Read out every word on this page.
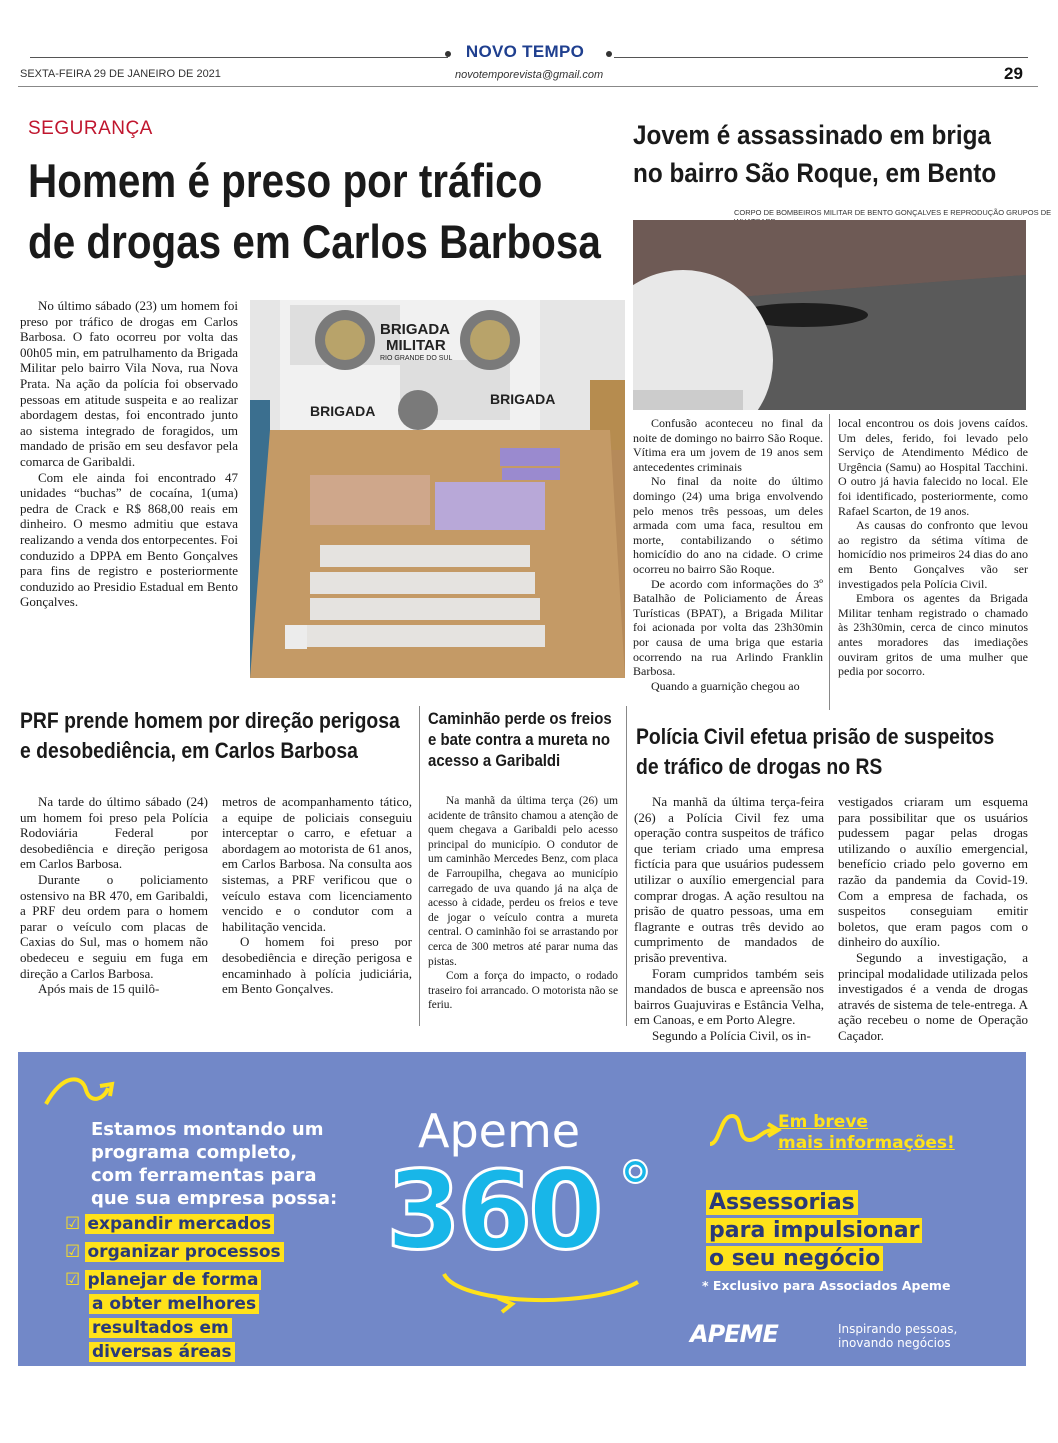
NOVO TEMPO
SEXTA-FEIRA 29 DE JANEIRO DE 2021	novotemporevista@gmail.com	29
SEGURANÇA
Homem é preso por tráfico
de drogas em Carlos Barbosa

No último sábado (23) um homem foi preso por tráfico de drogas em Carlos Barbosa. O fato ocorreu por volta das 00h05 min, em patrulhamento da Brigada Militar pelo bairro Vila Nova, rua Nova Prata. Na ação da polícia foi observado pessoas em atitude suspeita e ao realizar abordagem destas, foi encontrado junto ao sistema integrado de foragidos, um mandado de prisão em seu desfavor pela comarca de Garibaldi.

Com ele ainda foi encontrado 47 unidades “buchas” de cocaína, 1(uma) pedra de Crack e R$ 868,00 reais em dinheiro. O mesmo admitiu que estava realizando a venda dos entorpecentes. Foi conduzido a DPPA em Bento Gonçalves para fins de registro e posteriormente conduzido ao Presidio Estadual em Bento Gonçalves.

BRIGADA
MILITAR
RIO GRANDE DO SUL
BRIGADA
BRIGADA
Jovem é assassinado em briga
no bairro São Roque, em Bento
CORPO DE BOMBEIROS MILITAR DE BENTO GONÇALVES E REPRODUÇÃO GRUPOS DE

Confusão aconteceu no final da noite de domingo no bairro São Roque. Vítima era um jovem de 19 anos sem antecedentes criminais

No final da noite do último domingo (24) uma briga envolvendo pelo menos três pessoas, um deles armada com uma faca, resultou em morte, contabilizando o sétimo homicídio do ano na cidade. O crime ocorreu no bairro São Roque.

De acordo com informações do 3º Batalhão de Policiamento de Áreas Turísticas (BPAT), a Brigada Militar foi acionada por volta das 23h30min por causa de uma briga que estaria ocorrendo na rua Arlindo Franklin Barbosa.

Quando a guarnição chegou ao

local encontrou os dois jovens caídos. Um deles, ferido, foi levado pelo Serviço de Atendimento Médico de Urgência (Samu) ao Hospital Tacchini. O outro já havia falecido no local. Ele foi identificado, posteriormente, como Rafael Scarton, de 19 anos.

As causas do confronto que levou ao registro da sétima vítima de homicídio nos primeiros 24 dias do ano em Bento Gonçalves vão ser investigados pela Polícia Civil.

Embora os agentes da Brigada Militar tenham registrado o chamado às 23h30min, cerca de cinco minutos antes moradores das imediações ouviram gritos de uma mulher que pedia por socorro.

PRF prende homem por direção perigosa
e desobediência, em Carlos Barbosa

Na tarde do último sábado (24) um homem foi preso pela Polícia Rodoviária Federal por desobediência e direção perigosa em Carlos Barbosa.

Durante o policiamento ostensivo na BR 470, em Garibaldi, a PRF deu ordem para o homem parar o veículo com placas de Caxias do Sul, mas o homem não obedeceu e seguiu em fuga em direção a Carlos Barbosa.

Após mais de 15 quilô-

metros de acompanhamento tático, a equipe de policiais conseguiu interceptar o carro, e efetuar a abordagem ao motorista de 61 anos, em Carlos Barbosa. Na consulta aos sistemas, a PRF verificou que o veículo estava com licenciamento vencido e o condutor com a habilitação vencida.

O homem foi preso por desobediência e direção perigosa e encaminhado à polícia judiciária, em Bento Gonçalves.

Caminhão perde os freios
e bate contra a mureta no
acesso a Garibaldi

Na manhã da última terça (26) um acidente de trânsito chamou a atenção de quem chegava a Garibaldi pelo acesso principal do município. O condutor de um caminhão Mercedes Benz, com placa de Farroupilha, chegava ao município carregado de uva quando já na alça de acesso à cidade, perdeu os freios e teve de jogar o veículo contra a mureta central. O caminhão foi se arrastando por cerca de 300 metros até parar numa das pistas.

Com a força do impacto, o rodado traseiro foi arrancado. O motorista não se feriu.

Polícia Civil efetua prisão de suspeitos
de tráfico de drogas no RS

Na manhã da última terça-feira (26) a Polícia Civil fez uma operação contra suspeitos de tráfico que teriam criado uma empresa fictícia para que usuários pudessem utilizar o auxílio emergencial para comprar drogas. A ação resultou na prisão de quatro pessoas, uma em flagrante e outras três devido ao cumprimento de mandados de prisão preventiva.

Foram cumpridos também seis mandados de busca e apreensão nos bairros Guajuviras e Estância Velha, em Canoas, e em Porto Alegre.

Segundo a Polícia Civil, os in-

vestigados criaram um esquema para possibilitar que os usuários pudessem pagar pelas drogas utilizando o auxílio emergencial, benefício criado pelo governo em razão da pandemia da Covid-19. Com a empresa de fachada, os suspeitos conseguiam emitir boletos, que eram pagos com o dinheiro do auxílio.

Segundo a investigação, a principal modalidade utilizada pelos investigados é a venda de drogas através de sistema de tele-entrega. A ação recebeu o nome de Operação Caçador.

Estamos montando um
programa completo,
com ferramentas para
que sua empresa possa:
☑ expandir mercados
☑ organizar processos
☑ planejar de forma
a obter melhores
resultados em
diversas áreas
Apeme
360 °
Em breve
mais informações!
Assessorias
para impulsionar
o seu negócio
* Exclusivo para Associados Apeme
APEME	Inspirando pessoas,
inovando negócios
